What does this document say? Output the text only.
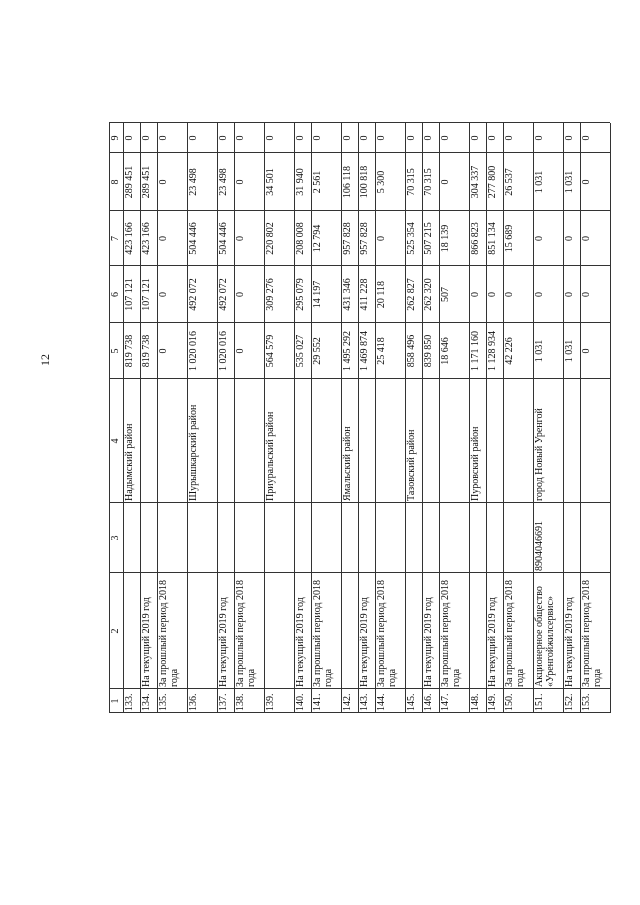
12
1
2
3
4
5
6
7
8
9
133.
Надымский район
819 738
107 121
423 166
289 451
0
134.
На текущий 2019 год
819 738
107 121
423 166
289 451
0
135.
За прошлый период 2018 года
0
0
0
0
0
136.
Шурышкарский район
1 020 016
492 072
504 446
23 498
0
137.
На текущий 2019 год
1 020 016
492 072
504 446
23 498
0
138.
За прошлый период 2018 года
0
0
0
0
0
139.
Приуральский район
564 579
309 276
220 802
34 501
0
140.
На текущий 2019 год
535 027
295 079
208 008
31 940
0
141.
За прошлый период 2018 года
29 552
14 197
12 794
2 561
0
142.
Ямальский район
1 495 292
431 346
957 828
106 118
0
143.
На текущий 2019 год
1 469 874
411 228
957 828
100 818
0
144.
За прошлый период 2018 года
25 418
20 118
0
5 300
0
145.
Тазовский район
858 496
262 827
525 354
70 315
0
146.
На текущий 2019 год
839 850
262 320
507 215
70 315
0
147.
За прошлый период 2018 года
18 646
507
18 139
0
0
148.
Пуровский район
1 171 160
0
866 823
304 337
0
149.
На текущий 2019 год
1 128 934
0
851 134
277 800
0
150.
За прошлый период 2018 года
42 226
0
15 689
26 537
0
151.
Акционерное общество «Уренгойжилсервис»
8904046691
город Новый Уренгой
1 031
0
0
1 031
0
152.
На текущий 2019 год
1 031
0
0
1 031
0
153.
За прошлый период 2018 года
0
0
0
0
0
